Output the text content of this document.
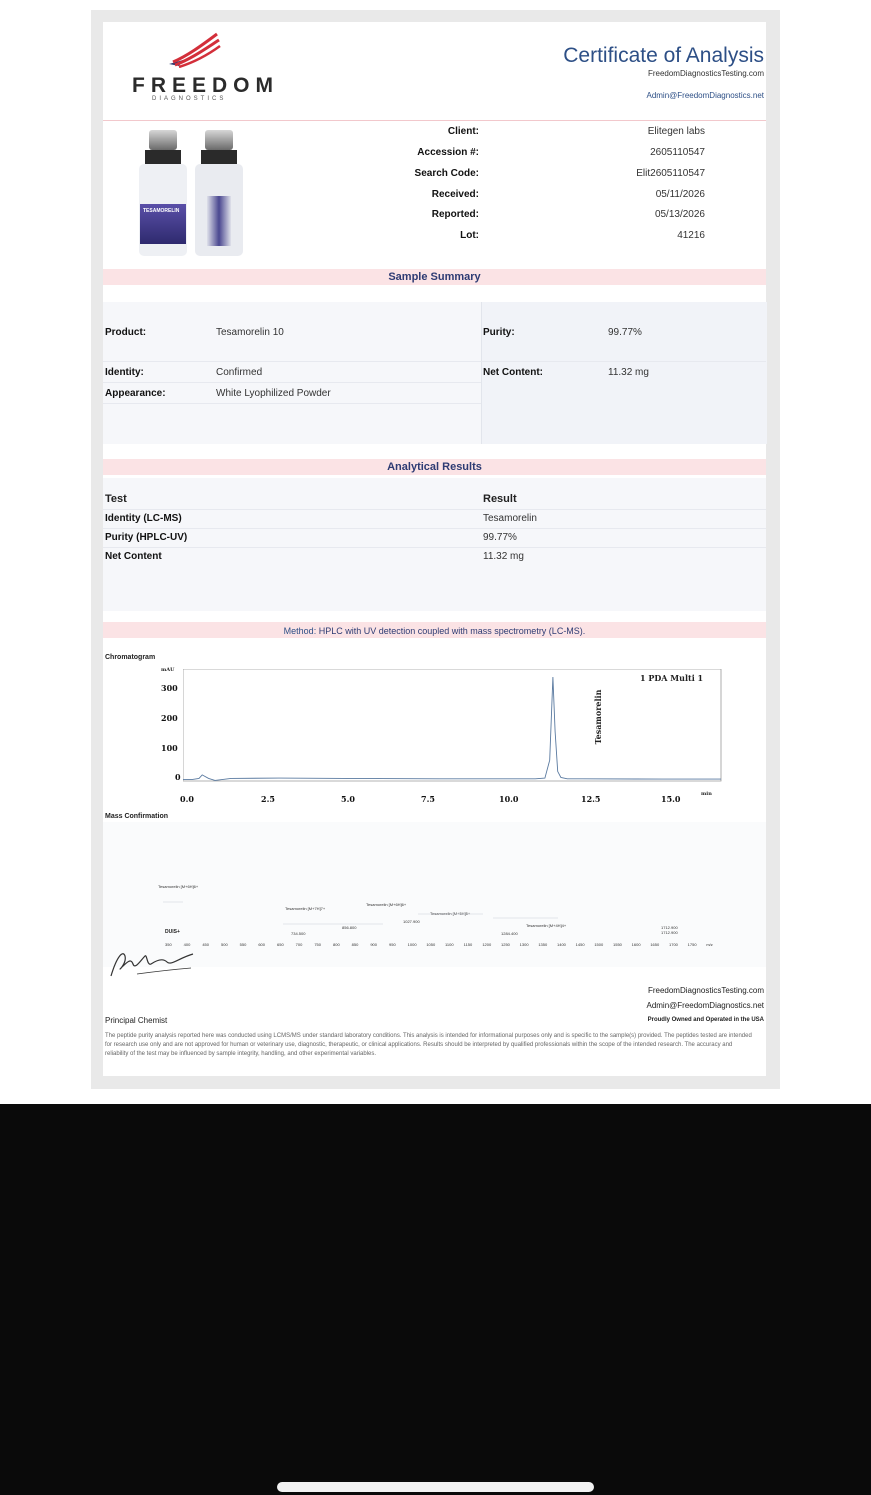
FREEDOM
DIAGNOSTICS
Certificate of Analysis
FreedomDiagnosticsTesting.com
Admin@FreedomDiagnostics.net
TESAMORELIN
Client:	Elitegen labs
Accession #:	2605110547
Search Code:	Elit2605110547
Received:	05/11/2026
Reported:	05/13/2026
Lot:	41216
Sample Summary
Product:	Tesamorelin 10	Purity:	99.77%
Identity:	Confirmed	Net Content:	11.32 mg
Appearance:	White Lyophilized Powder
Analytical Results
Test	Result
Identity (LC-MS)	Tesamorelin
Purity (HPLC-UV)	99.77%
Net Content	11.32 mg
Method: HPLC with UV detection coupled with mass spectrometry (LC-MS).
Chromatogram
mAU
300
200
100
0
0.0	2.5	5.0	7.5	10.0	12.5	15.0	min
1 PDA Multi 1
Tesamorelin
Mass Confirmation
DUIS+
Tesamorelin [M+6H]6+
Tesamorelin [M+7H]7+
Tesamorelin [M+6H]6+
Tesamorelin [M+5H]5+
Tesamorelin [M+4H]4+
734.500
856.800
1027.900
1284.400
1712.900
1712.900
350	400	450	500	550	600	650	700	750	800	850	900	950	1000 1050 1100	1150	1200 1250 1300 1350 1400 1450 1500 1550 1600 1650 1700 1750 m/z
Principal Chemist
FreedomDiagnosticsTesting.com
Admin@FreedomDiagnostics.net
Proudly Owned and Operated in the USA
The peptide purity analysis reported here was conducted using LCMS/MS under standard laboratory conditions. This analysis is intended for informational purposes only and is specific to the sample(s) provided. The peptides tested are intended for research use only and are not approved for human or veterinary use, diagnostic, therapeutic, or clinical applications. Results should be interpreted by qualified professionals within the scope of the intended research. The accuracy and reliability of the test may be influenced by sample integrity, handling, and other experimental variables.
